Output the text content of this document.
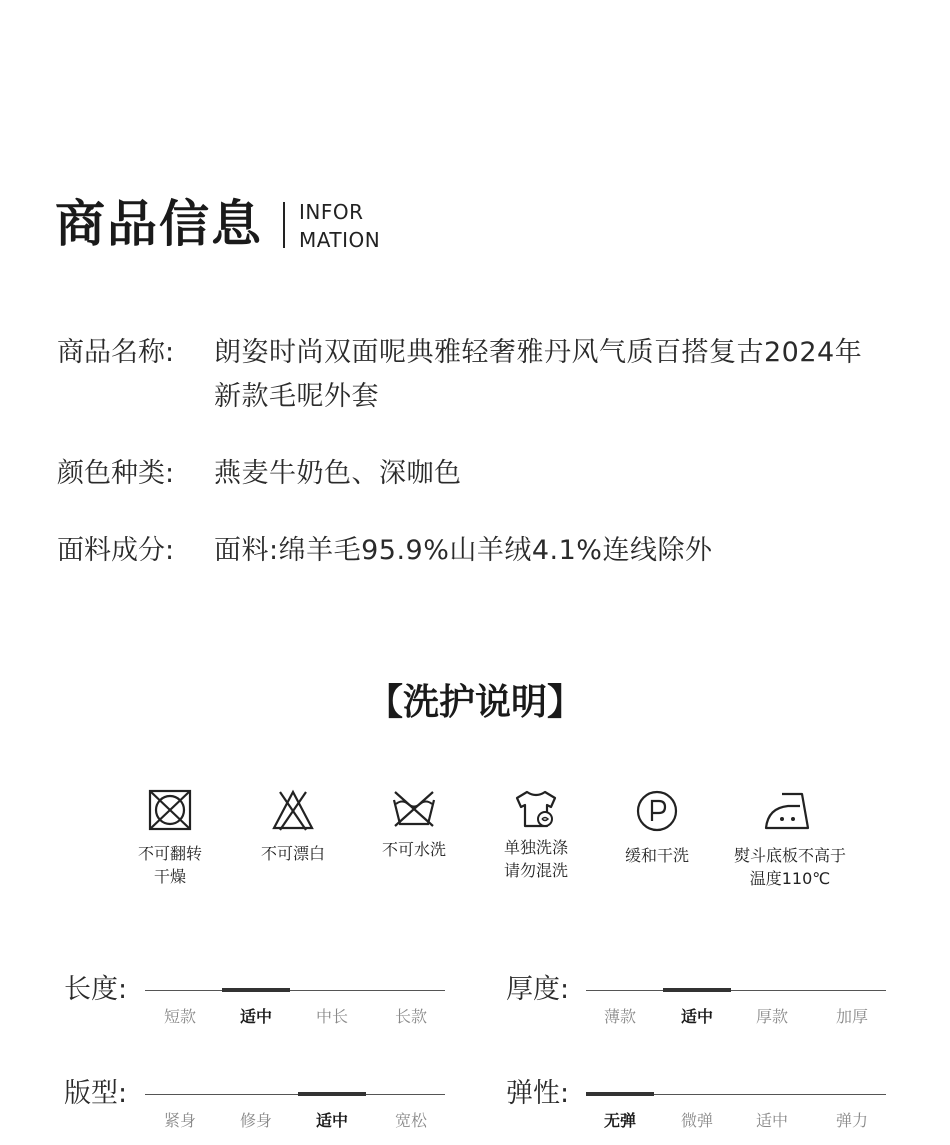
商品信息 INFOR
MATION
商品名称:	朗姿时尚双面呢典雅轻奢雅丹风气质百搭复古2024年新款毛呢外套
颜色种类:	燕麦牛奶色、深咖色
面料成分:	面料:绵羊毛95.9%山羊绒4.1%连线除外
【洗护说明】
不可翻转
干燥
不可漂白	不可水洗	单独洗涤
请勿混洗
缓和干洗	熨斗底板不高于
温度110℃
长度:
短款	适中	中长	长款
厚度:
薄款	适中	厚款	加厚
版型:
紧身	修身	适中	宽松
弹性:
无弹	微弹	适中	弹力
